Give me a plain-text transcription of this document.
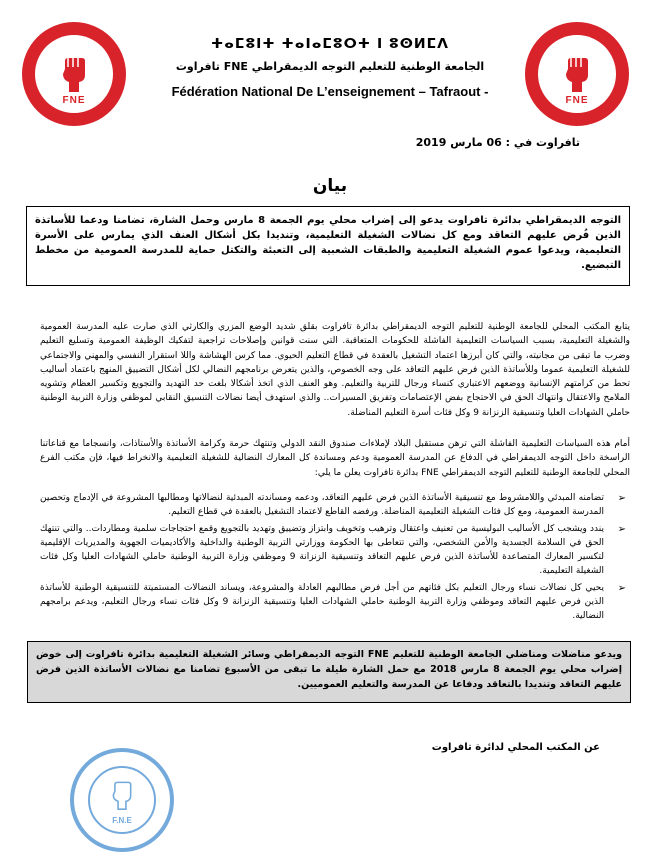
FNE	FNE
ⵜⴰⵎⵓⵏⵜ ⵜⴰⵏⴰⵎⵓⵔⵜ ⵏ ⵓⵙⵍⵎⴷ
الجامعة الوطنية للتعليم التوجه الديمقراطي FNE تافراوت
Fédération National De L’enseignement – Tafraout -
تافراوت في : 06 مارس 2019
بيان
التوجه الديمقراطي بدائرة تافراوت يدعو إلى إضراب محلي يوم الجمعة 8 مارس وحمل الشارة، تضامنا ودعما للأساتذة الذين فُرض عليهم التعاقد ومع كل نضالات الشغيلة التعليمية، وتنديدا بكل أشكال العنف الذي يمارس على الأسرة التعليمية، ويدعوا عموم الشغيلة التعليمية والطبقات الشعبية إلى التعبئة والتكتل حماية للمدرسة العمومية من مخطط التبضيع.
يتابع المكتب المحلي للجامعة الوطنية للتعليم التوجه الديمقراطي بدائرة تافراوت بقلق شديد الوضع المزري والكارثي الذي صارت عليه المدرسة العمومية والشغيلة التعليمية، بسبب السياسات التعليمية الفاشلة للحكومات المتعاقبة. التي سنت قوانين وإصلاحات تراجعية لتفكيك الوظيفة العمومية وتسليع التعليم وضرب ما تبقى من مجانيته، والتي كان أبرزها اعتماد التشغيل بالعقدة في قطاع التعليم الحيوي. مما كرس الهشاشة واللا استقرار النفسي والمهني والاجتماعي للشغيلة التعليمية عموما وللأساتذة الذين فرض عليهم التعاقد على وجه الخصوص، والذين يتعرض برنامجهم النضالي لكل أشكال التضييق المنهج باعتماد أساليب تحط من كرامتهم الإنسانية ووضعهم الاعتباري كنساء ورجال للتربية والتعليم. وهو العنف الذي اتخذ أشكالا بلغت حد التهديد والتجويع وتكسير العظام وتشويه الملامح والاعتقال وانتهاك الحق في الاحتجاج بفض الإعتصامات وتفريق المسيرات.. والذي استهدف أيضا نضالات التنسيق النقابي لموظفي وزارة التربية الوطنية حاملي الشهادات العليا وتنسيقية الزنزانة 9 وكل فئات أسرة التعليم المناضلة.
أمام هذه السياسات التعليمية الفاشلة التي ترهن مستقبل البلاد لإملاءات صندوق النقد الدولي وتنتهك حرمة وكرامة الأساتذة والأستاذات، وانسجاما مع قناعاتنا الراسخة داخل التوجه الديمقراطي في الدفاع عن المدرسة العمومية ودعم ومساندة كل المعارك النضالية للشغيلة التعليمية والانخراط فيها، فإن مكتب الفرع المحلي للجامعة الوطنية للتعليم التوجه الديمقراطي FNE بدائرة تافراوت يعلن ما يلي:
➢
تضامنه المبدئي واللامشروط مع تنسيقية الأساتذة الذين فرض عليهم التعاقد، ودعمه ومساندته المبدئية لنضالاتها ومطالبها المشروعة في الإدماج وتحصين المدرسة العمومية، ومع كل فئات الشغيلة التعليمية المناضلة. ورفضه القاطع لاعتماد التشغيل بالعقدة في قطاع التعليم.
➢
يندد ويشجب كل الأساليب البوليسية من تعنيف واعتقال وترهيب وتخويف وابتزاز وتضييق وتهديد بالتجويع وقمع احتجاجات سلمية ومطاردات.. والتي تنتهك الحق في السلامة الجسدية والأمن الشخصي، والتي تتعاطى بها الحكومة ووزارتي التربية الوطنية والداخلية والأكاديميات الجهوية والمديريات الإقليمية لتكسير المعارك المتصاعدة للأساتذة الذين فرض عليهم التعاقد وتنسيقية الزنزانة 9 وموظفي وزارة التربية الوطنية حاملي الشهادات العليا وكل فئات الشغيلة التعليمية.
➢
يحيي كل نضالات نساء ورجال التعليم بكل فئاتهم من أجل فرض مطالبهم العادلة والمشروعة، ويساند النضالات المستميتة للتنسيقية الوطنية للأساتذة الذين فرض عليهم التعاقد وموظفي وزارة التربية الوطنية حاملي الشهادات العليا وتنسيقية الزنزانة 9 وكل فئات نساء ورجال التعليم، ويدعم برامجهم النضالية.
ويدعو مناضلات ومناضلي الجامعة الوطنية للتعليم FNE التوجه الديمقراطي وسائر الشغيلة التعليمية بدائرة تافراوت إلى خوض إضراب محلي يوم الجمعة 8 مارس 2018 مع حمل الشارة طيلة ما تبقى من الأسبوع تضامنا مع نضالات الأساتذة الذين فرض عليهم التعاقد وتنديدا بالتعاقد ودفاعا عن المدرسة والتعليم العموميين.
عن المكتب المحلي لدائرة تافراوت
F.N.E
